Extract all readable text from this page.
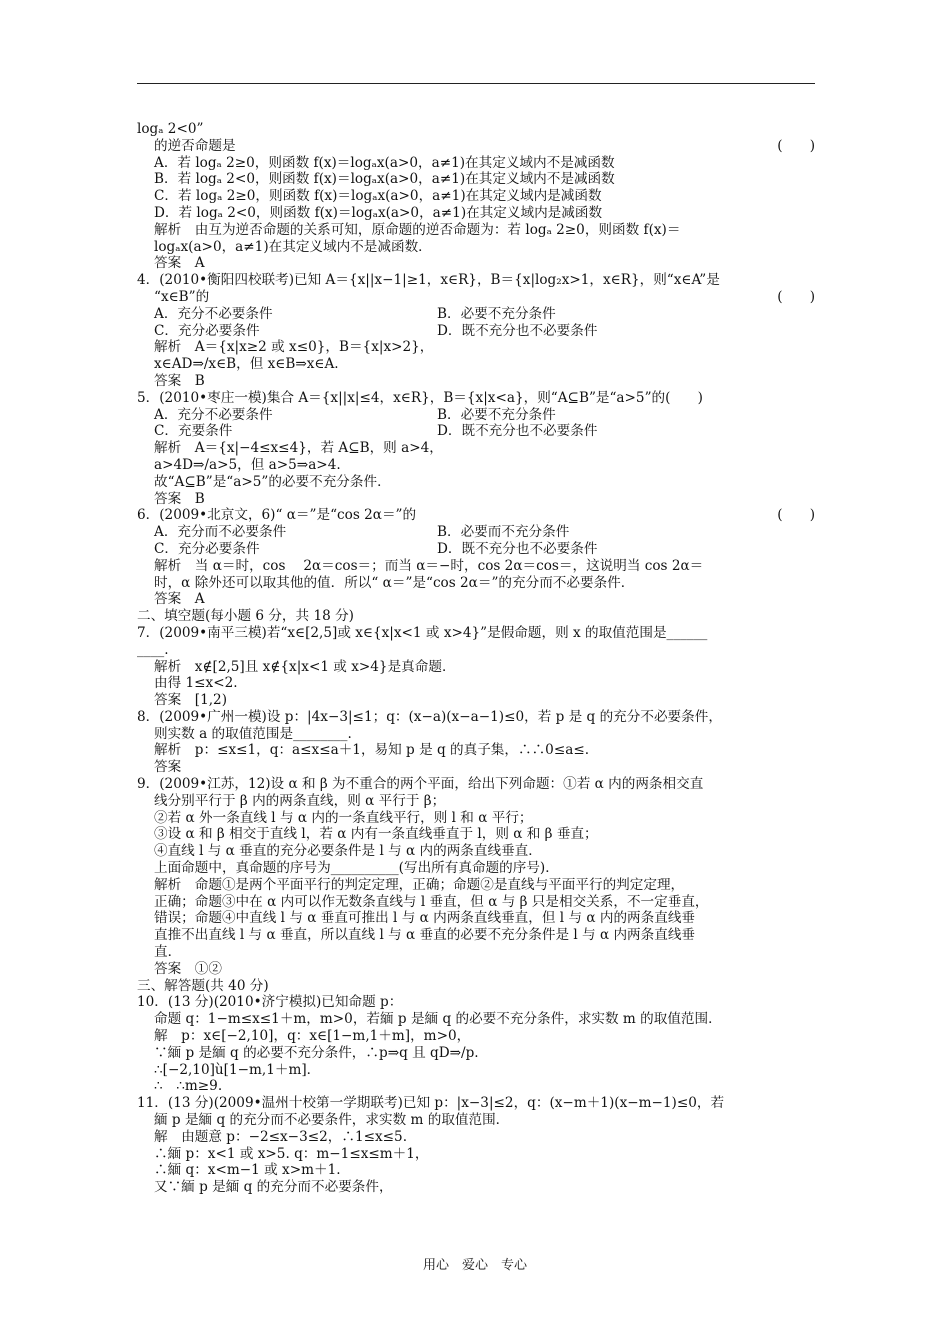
logₐ 2<0”
的逆否命题是	(　　)
A．若 logₐ 2≥0，则函数 f(x)＝logₐx(a>0，a≠1)在其定义域内不是减函数
B．若 logₐ 2<0，则函数 f(x)＝logₐx(a>0，a≠1)在其定义域内不是减函数
C．若 logₐ 2≥0，则函数 f(x)＝logₐx(a>0，a≠1)在其定义域内是减函数
D．若 logₐ 2<0，则函数 f(x)＝logₐx(a>0，a≠1)在其定义域内是减函数
解析　由互为逆否命题的关系可知，原命题的逆否命题为：若 logₐ 2≥0，则函数 f(x)＝
logₐx(a>0，a≠1)在其定义域内不是减函数．
答案　A
4．(2010•衡阳四校联考)已知 A＝{x||x−1|≥1，x∈R}，B＝{x|log₂x>1，x∈R}，则“x∈A”是
“x∈B”的	(　　)
A．充分不必要条件	B．必要不充分条件
C．充分必要条件	D．既不充分也不必要条件
解析　A＝{x|x≥2 或 x≤0}，B＝{x|x>2}，
x∈AD⇒/x∈B，但 x∈B⇒x∈A.
答案　B
5．(2010•枣庄一模)集合 A＝{x||x|≤4，x∈R}，B＝{x|x<a}，则“A⊆B”是“a>5”的(　　)
A．充分不必要条件	B．必要不充分条件
C．充要条件	D．既不充分也不必要条件
解析　A＝{x|−4≤x≤4}，若 A⊆B，则 a>4，
a>4D⇒/a>5，但 a>5⇒a>4.
故“A⊆B”是“a>5”的必要不充分条件．
答案　B
6．(2009•北京文，6)“ α＝”是“cos 2α＝”的	(　　)
A．充分而不必要条件	B．必要而不充分条件
C．充分必要条件	D．既不充分也不必要条件
解析　当 α＝时，cos　 2α＝cos＝；而当 α＝−时，cos 2α＝cos＝，这说明当 cos 2α＝
时，α 除外还可以取其他的值．所以“ α＝”是“cos 2α＝”的充分而不必要条件．
答案　A
二、填空题(每小题 6 分，共 18 分)
7．(2009•南平三模)若“x∈[2,5]或 x∈{x|x<1 或 x>4}”是假命题，则 x 的取值范围是______
____.
解析　x∉[2,5]且 x∉{x|x<1 或 x>4}是真命题．
由得 1≤x<2.
答案　[1,2)
8．(2009•广州一模)设 p：|4x−3|≤1；q：(x−a)(x−a−1)≤0，若 p 是 q 的充分不必要条件，
则实数 a 的取值范围是________.
解析　p：≤x≤1，q：a≤x≤a＋1，易知 p 是 q 的真子集，∴∴0≤a≤.
答案
9．(2009•江苏，12)设 α 和 β 为不重合的两个平面，给出下列命题：①若 α 内的两条相交直
线分别平行于 β 内的两条直线，则 α 平行于 β；
②若 α 外一条直线 l 与 α 内的一条直线平行，则 l 和 α 平行；
③设 α 和 β 相交于直线 l，若 α 内有一条直线垂直于 l，则 α 和 β 垂直；
④直线 l 与 α 垂直的充分必要条件是 l 与 α 内的两条直线垂直．
上面命题中，真命题的序号为__________(写出所有真命题的序号)．
解析　命题①是两个平面平行的判定定理，正确；命题②是直线与平面平行的判定定理，
正确；命题③中在 α 内可以作无数条直线与 l 垂直，但 α 与 β 只是相交关系，不一定垂直，
错误；命题④中直线 l 与 α 垂直可推出 l 与 α 内两条直线垂直，但 l 与 α 内的两条直线垂
直推不出直线 l 与 α 垂直，所以直线 l 与 α 垂直的必要不充分条件是 l 与 α 内两条直线垂
直．
答案　①②
三、解答题(共 40 分)
10．(13 分)(2010•济宁模拟)已知命题 p：
命题 q：1−m≤x≤1＋m，m>0，若緬 p 是緬 q 的必要不充分条件，求实数 m 的取值范围．
解　p：x∈[−2,10]，q：x∈[1−m,1＋m]，m>0，
∵緬 p 是緬 q 的必要不充分条件，∴p⇒q 且 qD⇒/p.
∴[−2,10]ù[1−m,1＋m]．
∴　∴m≥9.
11．(13 分)(2009•温州十校第一学期联考)已知 p：|x−3|≤2，q：(x−m＋1)(x−m−1)≤0，若
緬 p 是緬 q 的充分而不必要条件，求实数 m 的取值范围．
解　由题意 p：−2≤x−3≤2，∴1≤x≤5.
∴緬 p：x<1 或 x>5. q：m−1≤x≤m＋1，
∴緬 q：x<m−1 或 x>m＋1.
又∵緬 p 是緬 q 的充分而不必要条件，
用心　爱心　专心
